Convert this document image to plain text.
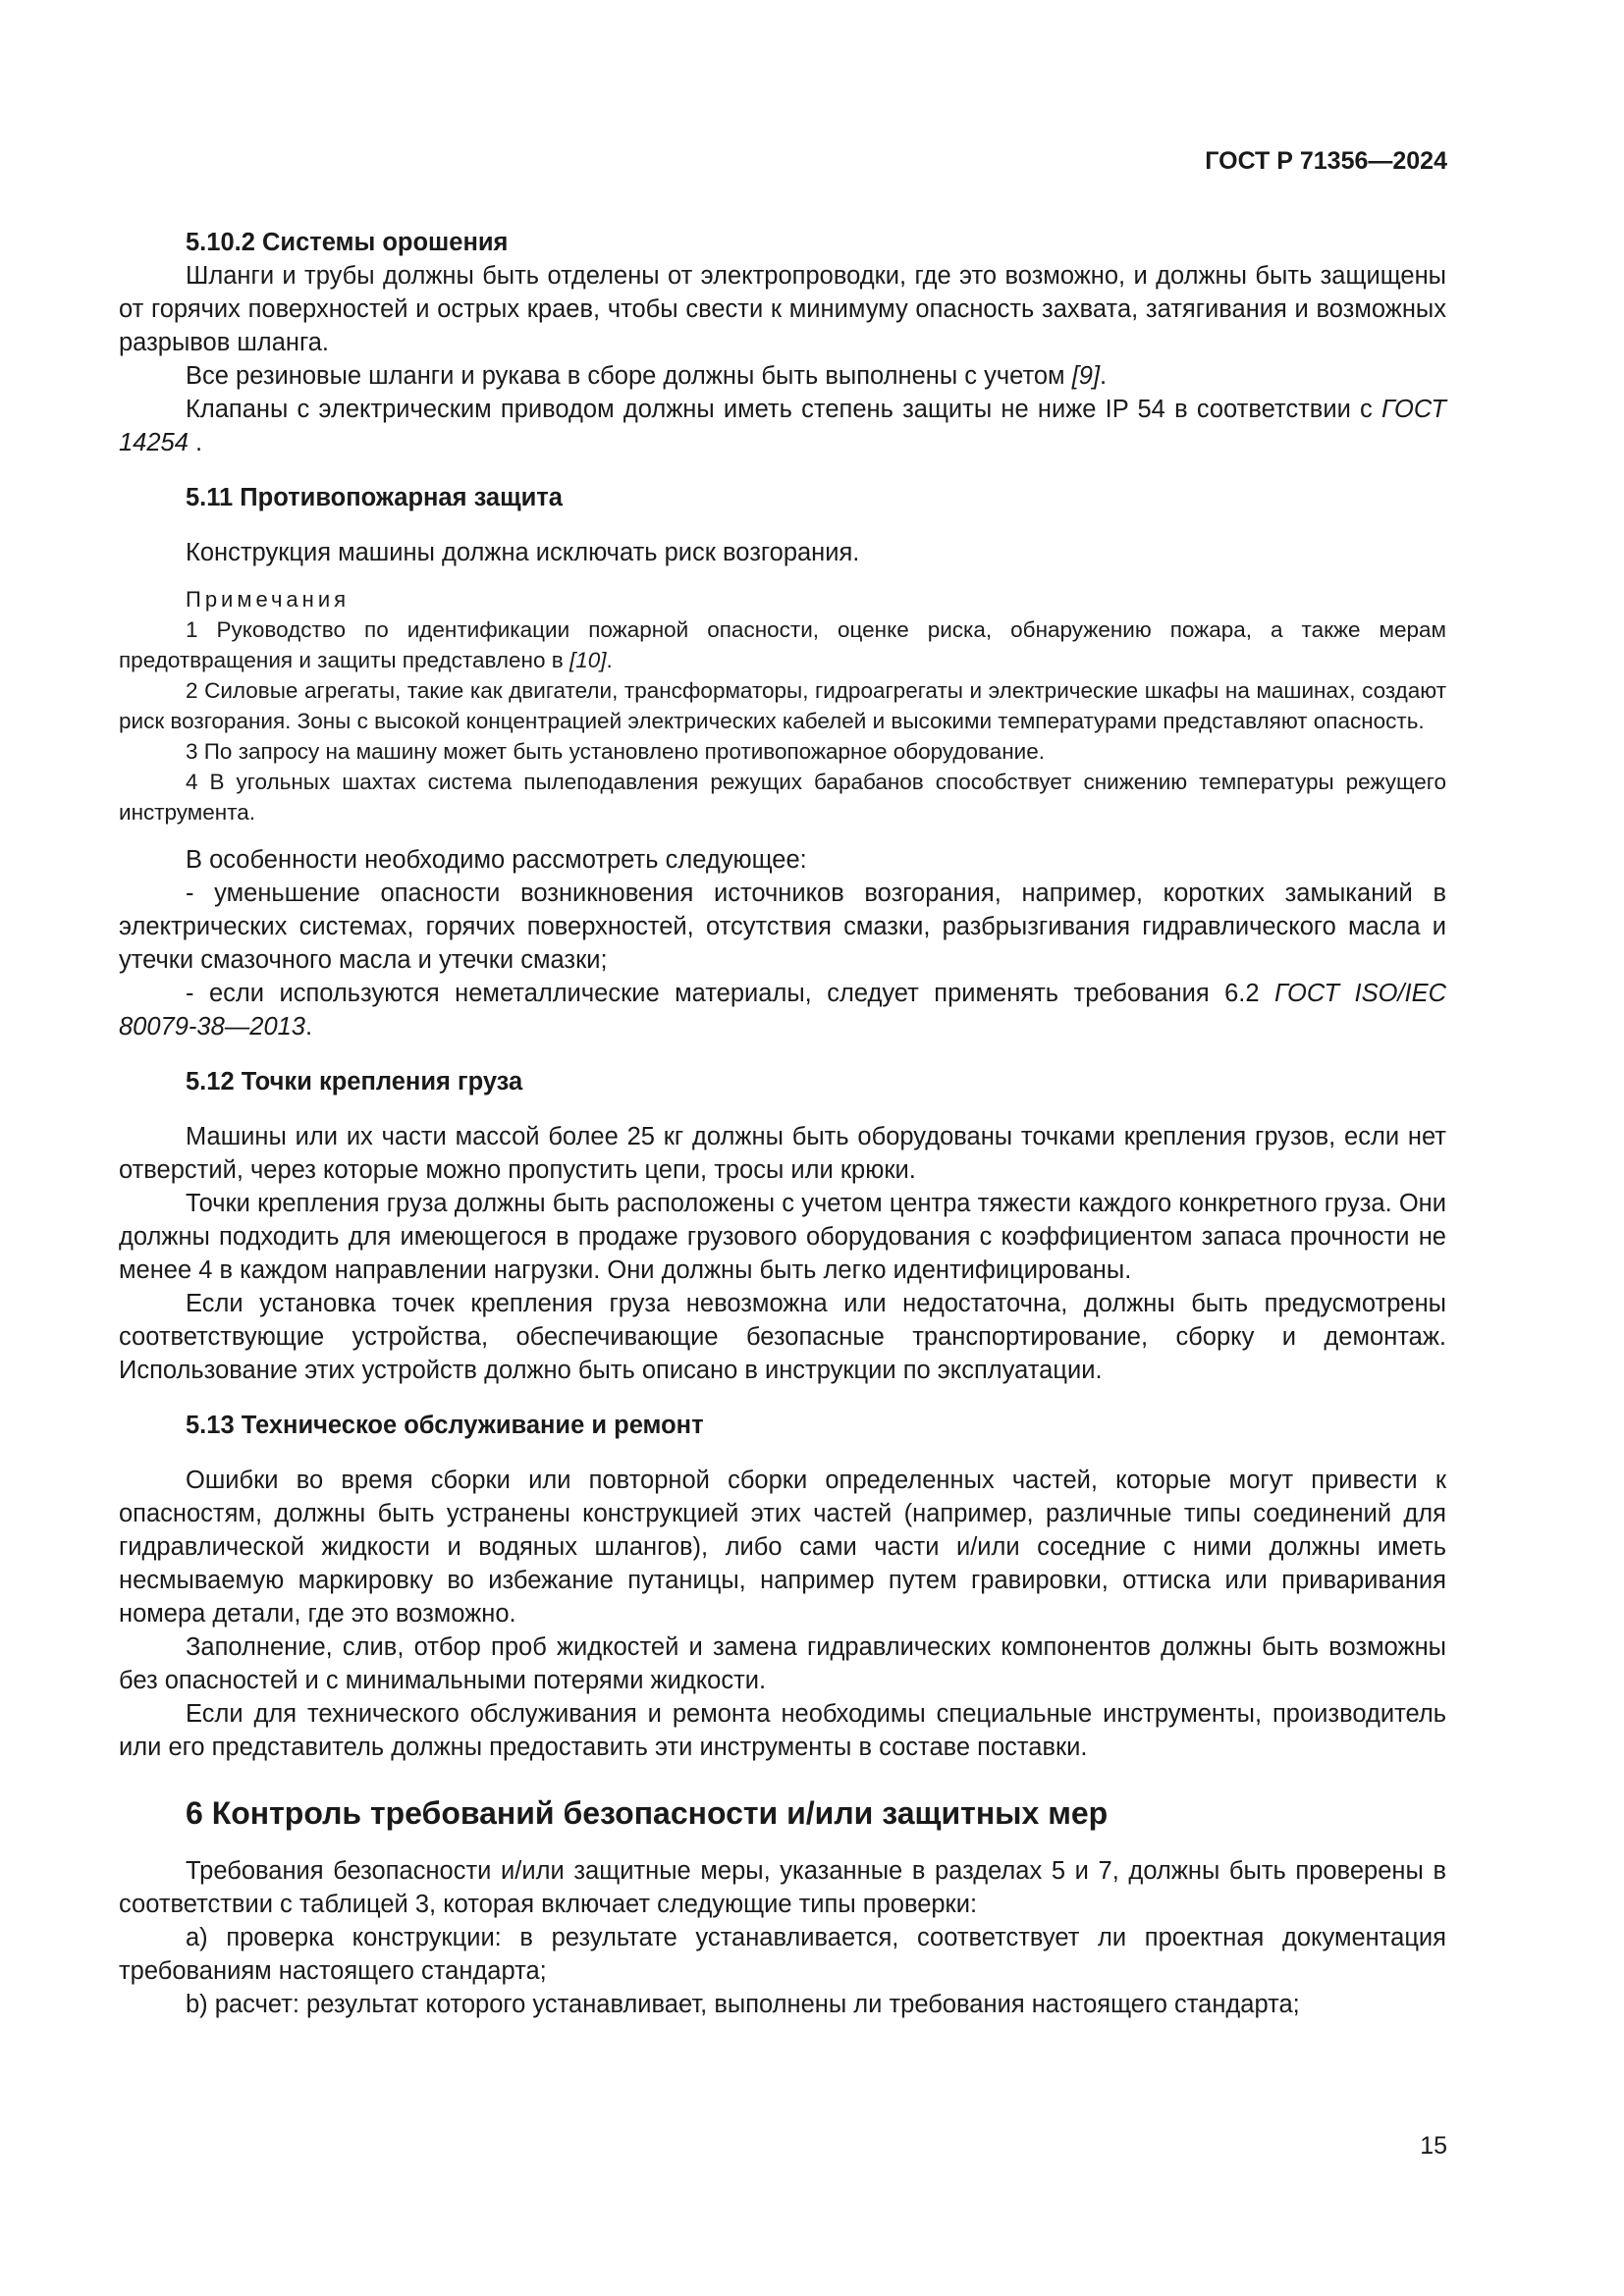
ГОСТ Р 71356—2024
5.10.2 Системы орошения

Шланги и трубы должны быть отделены от электропроводки, где это возможно, и должны быть защищены от горячих поверхностей и острых краев, чтобы свести к минимуму опасность захвата, затягивания и возможных разрывов шланга.

Все резиновые шланги и рукава в сборе должны быть выполнены с учетом [9].

Клапаны с электрическим приводом должны иметь степень защиты не ниже IP 54 в соответствии с ГОСТ 14254 .

5.11 Противопожарная защита

Конструкция машины должна исключать риск возгорания.

Примечания

1 Руководство по идентификации пожарной опасности, оценке риска, обнаружению пожара, а также мерам предотвращения и защиты представлено в [10].

2 Силовые агрегаты, такие как двигатели, трансформаторы, гидроагрегаты и электрические шкафы на машинах, создают риск возгорания. Зоны с высокой концентрацией электрических кабелей и высокими температурами представляют опасность.

3 По запросу на машину может быть установлено противопожарное оборудование.

4 В угольных шахтах система пылеподавления режущих барабанов способствует снижению температуры режущего инструмента.

В особенности необходимо рассмотреть следующее:

- уменьшение опасности возникновения источников возгорания, например, коротких замыканий в электрических системах, горячих поверхностей, отсутствия смазки, разбрызгивания гидравлического масла и утечки смазочного масла и утечки смазки;

- если используются неметаллические материалы, следует применять требования 6.2 ГОСТ ISO/IEC 80079-38—2013.

5.12 Точки крепления груза

Машины или их части массой более 25 кг должны быть оборудованы точками крепления грузов, если нет отверстий, через которые можно пропустить цепи, тросы или крюки.

Точки крепления груза должны быть расположены с учетом центра тяжести каждого конкретного груза. Они должны подходить для имеющегося в продаже грузового оборудования с коэффициентом запаса прочности не менее 4 в каждом направлении нагрузки. Они должны быть легко идентифицированы.

Если установка точек крепления груза невозможна или недостаточна, должны быть предусмотрены соответствующие устройства, обеспечивающие безопасные транспортирование, сборку и демонтаж. Использование этих устройств должно быть описано в инструкции по эксплуатации.

5.13 Техническое обслуживание и ремонт

Ошибки во время сборки или повторной сборки определенных частей, которые могут привести к опасностям, должны быть устранены конструкцией этих частей (например, различные типы соединений для гидравлической жидкости и водяных шлангов), либо сами части и/или соседние с ними должны иметь несмываемую маркировку во избежание путаницы, например путем гравировки, оттиска или приваривания номера детали, где это возможно.

Заполнение, слив, отбор проб жидкостей и замена гидравлических компонентов должны быть возможны без опасностей и с минимальными потерями жидкости.

Если для технического обслуживания и ремонта необходимы специальные инструменты, производитель или его представитель должны предоставить эти инструменты в составе поставки.

6 Контроль требований безопасности и/или защитных мер

Требования безопасности и/или защитные меры, указанные в разделах 5 и 7, должны быть проверены в соответствии с таблицей 3, которая включает следующие типы проверки:

a) проверка конструкции: в результате устанавливается, соответствует ли проектная документация требованиям настоящего стандарта;

b) расчет: результат которого устанавливает, выполнены ли требования настоящего стандарта;

15
